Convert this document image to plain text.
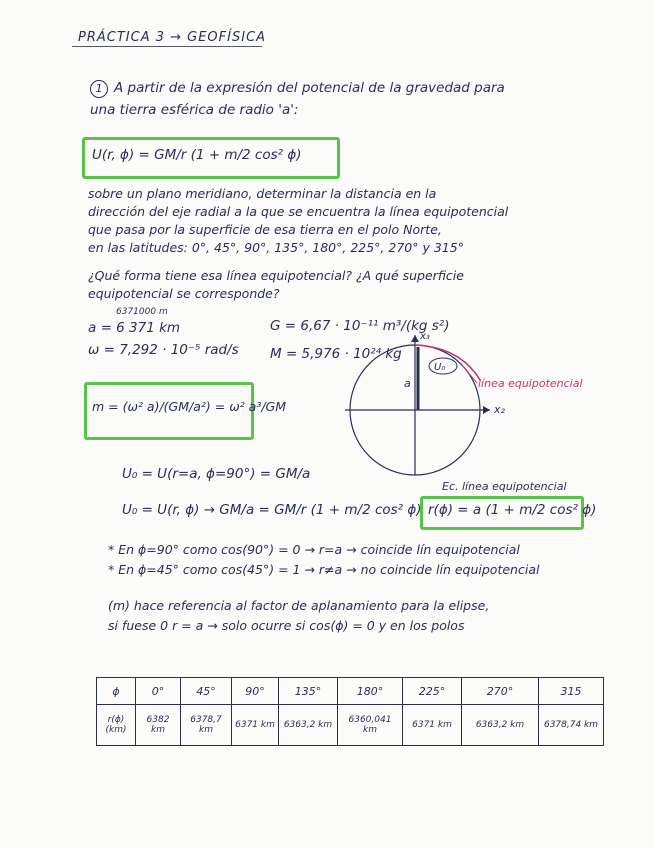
PRÁCTICA 3 → GEOFÍSICA
1 A partir de la expresión del potencial de la gravedad para
una tierra esférica de radio 'a':
U(r, ϕ) = GM/r (1 + m/2 cos² ϕ)
sobre un plano meridiano, determinar la distancia en la
dirección del eje radial a la que se encuentra la línea equipotencial
que pasa por la superficie de esa tierra en el polo Norte,
en las latitudes: 0°, 45°, 90°, 135°, 180°, 225°, 270° y 315°
¿Qué forma tiene esa línea equipotencial? ¿A qué superficie
equipotencial se corresponde?
6371000 m
a = 6 371 km
ω = 7,292 · 10⁻⁵ rad/s
G = 6,67 · 10⁻¹¹ m³/(kg s²)
M = 5,976 · 10²⁴ kg
m = (ω² a)/(GM/a²) = ω² a³/GM	x₂
x₃
a
U₀
línea equipotencial
U₀ = U(r=a, ϕ=90°) = GM/a
U₀ = U(r, ϕ) → GM/a = GM/r (1 + m/2 cos² ϕ)
Ec. línea equipotencial
r(ϕ) = a (1 + m/2 cos² ϕ)
* En ϕ=90° como cos(90°) = 0 → r=a → coincide lín equipotencial
* En ϕ=45° como cos(45°) = 1 → r≠a → no coincide lín equipotencial
(m) hace referencia al factor de aplanamiento para la elipse,
si fuese 0 r = a → solo ocurre si cos(ϕ) = 0 y en los polos
ϕ	0°	45°	90°	135°	180°	225°	270°	315
r(ϕ) (km)	6382 km	6378,7 km	6371 km	6363,2 km	6360,041 km	6371 km	6363,2 km	6378,74 km
